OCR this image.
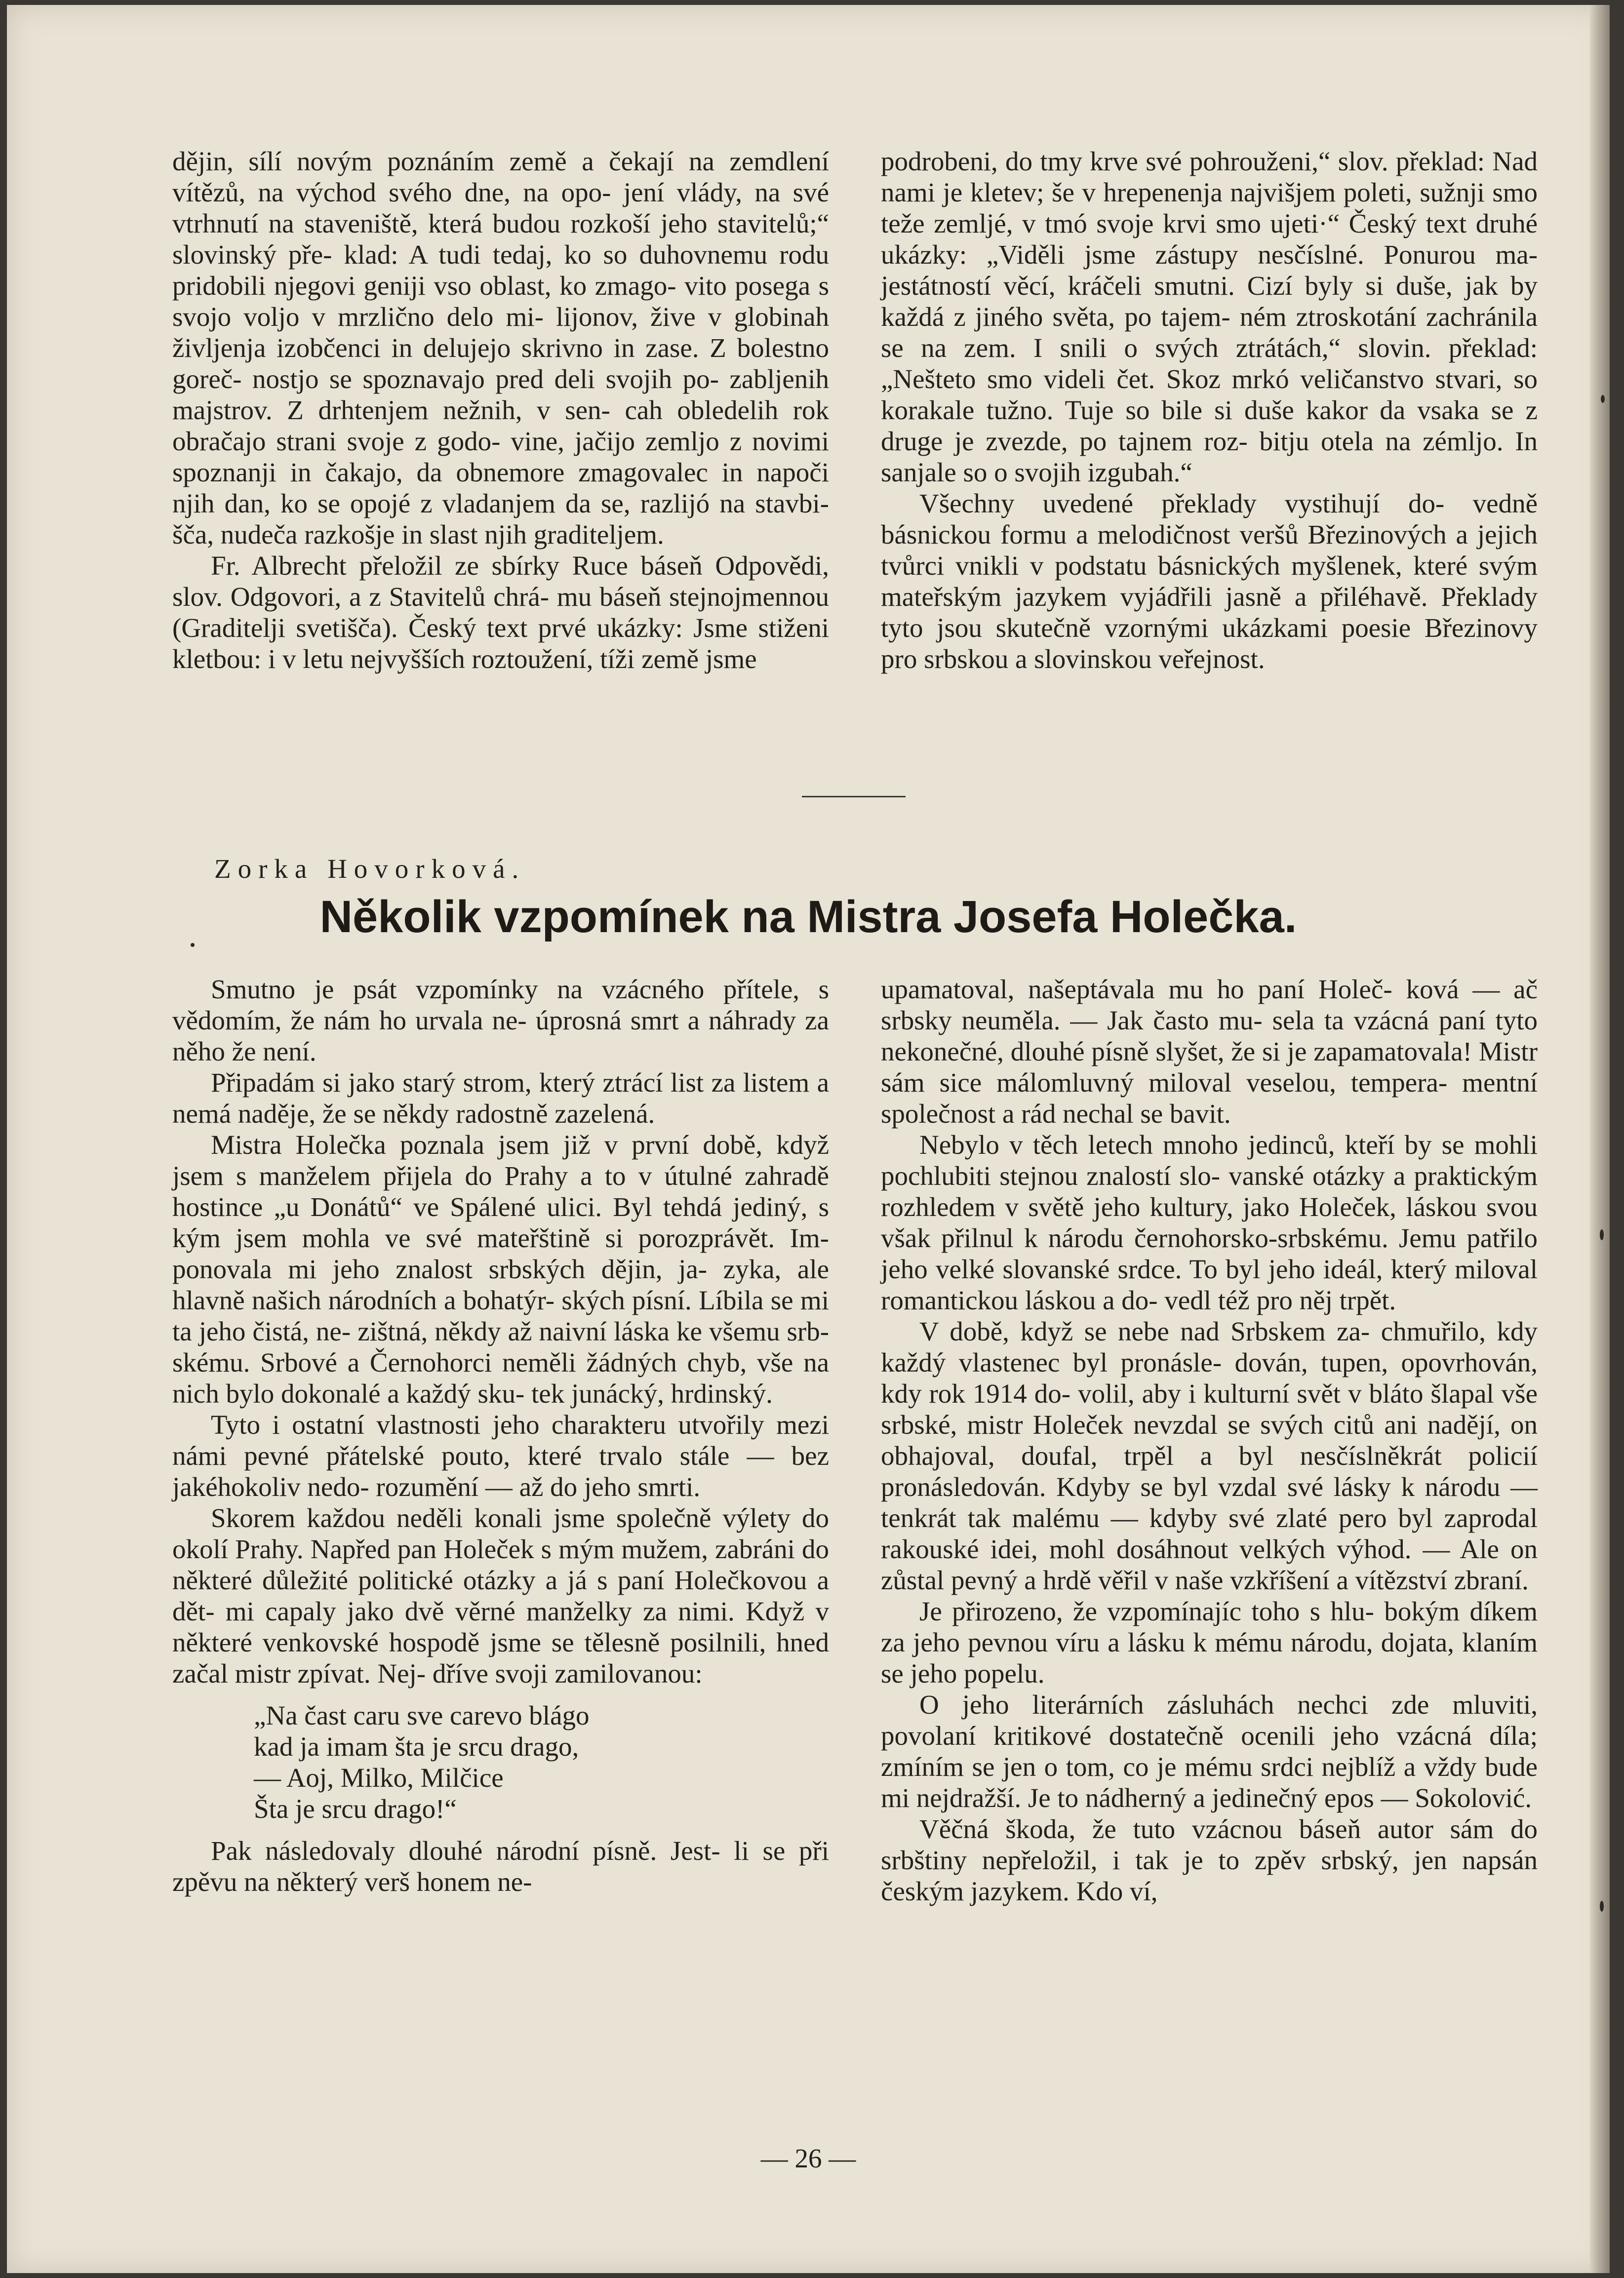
dějin, sílí novým poznáním země a čekají na zemdlení vítězů, na východ svého dne, na opo- jení vlády, na své vtrhnutí na staveniště, která budou rozkoší jeho stavitelů;“ slovinský pře- klad: A tudi tedaj, ko so duhovnemu rodu pridobili njegovi geniji vso oblast, ko zmago- vito posega s svojo voljo v mrzlično delo mi- lijonov, žive v globinah življenja izobčenci in delujejo skrivno in zase. Z bolestno goreč- nostjo se spoznavajo pred deli svojih po- zabljenih majstrov. Z drhtenjem nežnih, v sen- cah obledelih rok obračajo strani svoje z godo- vine, jačijo zemljo z novimi spoznanji in čakajo, da obnemore zmagovalec in napoči njih dan, ko se opojé z vladanjem da se, razlijó na stavbi- šča, nudeča razkošje in slast njih graditeljem.

Fr. Albrecht přeložil ze sbírky Ruce báseň Odpovědi, slov. Odgovori, a z Stavitelů chrá- mu báseň stejnojmennou (Graditelji svetišča). Český text prvé ukázky: Jsme stiženi kletbou: i v letu nejvyšších roztoužení, tíži země jsme

podrobeni, do tmy krve své pohrouženi,“ slov. překlad: Nad nami je kletev; še v hrepenenja najvišjem poleti, sužnji smo teže zemljé, v tmó svoje krvi smo ujeti·“ Český text druhé ukázky: „Viděli jsme zástupy nesčíslné. Ponurou ma- jestátností věcí, kráčeli smutni. Cizí byly si duše, jak by každá z jiného světa, po tajem- ném ztroskotání zachránila se na zem. I snili o svých ztrátách,“ slovin. překlad: „Nešteto smo videli čet. Skoz mrkó veličanstvo stvari, so korakale tužno. Tuje so bile si duše kakor da vsaka se z druge je zvezde, po tajnem roz- bitju otela na zémljo. In sanjale so o svojih izgubah.“

Všechny uvedené překlady vystihují do- vedně básnickou formu a melodičnost veršů Březinových a jejich tvůrci vnikli v podstatu básnických myšlenek, které svým mateřským jazykem vyjádřili jasně a přiléhavě. Překlady tyto jsou skutečně vzornými ukázkami poesie Březinovy pro srbskou a slovinskou veřejnost.

Zorka Hovorková.
Několik vzpomínek na Mistra Josefa Holečka.

Smutno je psát vzpomínky na vzácného přítele, s vědomím, že nám ho urvala ne- úprosná smrt a náhrady za něho že není.

Připadám si jako starý strom, který ztrácí list za listem a nemá naděje, že se někdy radostně zazelená.

Mistra Holečka poznala jsem již v první době, když jsem s manželem přijela do Prahy a to v útulné zahradě hostince „u Donátů“ ve Spálené ulici. Byl tehdá jediný, s kým jsem mohla ve své mateřštině si porozprávět. Im- ponovala mi jeho znalost srbských dějin, ja- zyka, ale hlavně našich národních a bohatýr- ských písní. Líbila se mi ta jeho čistá, ne- zištná, někdy až naivní láska ke všemu srb- skému. Srbové a Černohorci neměli žádných chyb, vše na nich bylo dokonalé a každý sku- tek junácký, hrdinský.

Tyto i ostatní vlastnosti jeho charakteru utvořily mezi námi pevné přátelské pouto, které trvalo stále — bez jakéhokoliv nedo- rozumění — až do jeho smrti.

Skorem každou neděli konali jsme společně výlety do okolí Prahy. Napřed pan Holeček s mým mužem, zabráni do některé důležité politické otázky a já s paní Holečkovou a dět- mi capaly jako dvě věrné manželky za nimi. Když v některé venkovské hospodě jsme se tělesně posilnili, hned začal mistr zpívat. Nej- dříve svoji zamilovanou:

„Na čast caru sve carevo blágo
kad ja imam šta je srcu drago,
— Aoj, Milko, Milčice
Šta je srcu drago!“

Pak následovaly dlouhé národní písně. Jest- li se při zpěvu na některý verš honem ne-

upamatoval, našeptávala mu ho paní Holeč- ková — ač srbsky neuměla. — Jak často mu- sela ta vzácná paní tyto nekonečné, dlouhé písně slyšet, že si je zapamatovala! Mistr sám sice málomluvný miloval veselou, tempera- mentní společnost a rád nechal se bavit.

Nebylo v těch letech mnoho jedinců, kteří by se mohli pochlubiti stejnou znalostí slo- vanské otázky a praktickým rozhledem v světě jeho kultury, jako Holeček, láskou svou však přilnul k národu černohorsko-srbskému. Jemu patřilo jeho velké slovanské srdce. To byl jeho ideál, který miloval romantickou láskou a do- vedl též pro něj trpět.

V době, když se nebe nad Srbskem za- chmuřilo, kdy každý vlastenec byl pronásle- dován, tupen, opovrhován, kdy rok 1914 do- volil, aby i kulturní svět v bláto šlapal vše srbské, mistr Holeček nevzdal se svých citů ani nadějí, on obhajoval, doufal, trpěl a byl nesčíslněkrát policií pronásledován. Kdyby se byl vzdal své lásky k národu — tenkrát tak malému — kdyby své zlaté pero byl zaprodal rakouské idei, mohl dosáhnout velkých výhod. — Ale on zůstal pevný a hrdě věřil v naše vzkříšení a vítězství zbraní.

Je přirozeno, že vzpomínajíc toho s hlu- bokým díkem za jeho pevnou víru a lásku k mému národu, dojata, klaním se jeho popelu.

O jeho literárních zásluhách nechci zde mluviti, povolaní kritikové dostatečně ocenili jeho vzácná díla; zmíním se jen o tom, co je mému srdci nejblíž a vždy bude mi nejdražší. Je to nádherný a jedinečný epos — Sokolović.

Věčná škoda, že tuto vzácnou báseň autor sám do srbštiny nepřeložil, i tak je to zpěv srbský, jen napsán českým jazykem. Kdo ví,

— 26 —
